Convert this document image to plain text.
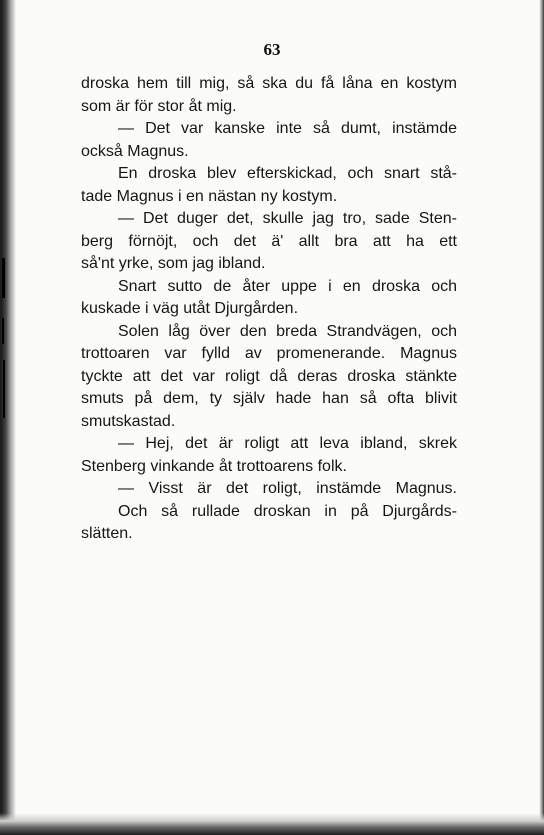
63

droska hem till mig, så ska du få låna en kostym
som är för stor åt mig.
— Det var kanske inte så dumt, instämde
också Magnus.
En droska blev efterskickad, och snart stå-
tade Magnus i en nästan ny kostym.
— Det duger det, skulle jag tro, sade Sten-
berg förnöjt, och det ä' allt bra att ha ett
så'nt yrke, som jag ibland.
Snart sutto de åter uppe i en droska och
kuskade i väg utåt Djurgården.
Solen låg över den breda Strandvägen, och
trottoaren var fylld av promenerande. Magnus
tyckte att det var roligt då deras droska stänkte
smuts på dem, ty själv hade han så ofta blivit
smutskastad.
— Hej, det är roligt att leva ibland, skrek
Stenberg vinkande åt trottoarens folk.
— Visst är det roligt, instämde Magnus.
Och så rullade droskan in på Djurgårds-
slätten.
